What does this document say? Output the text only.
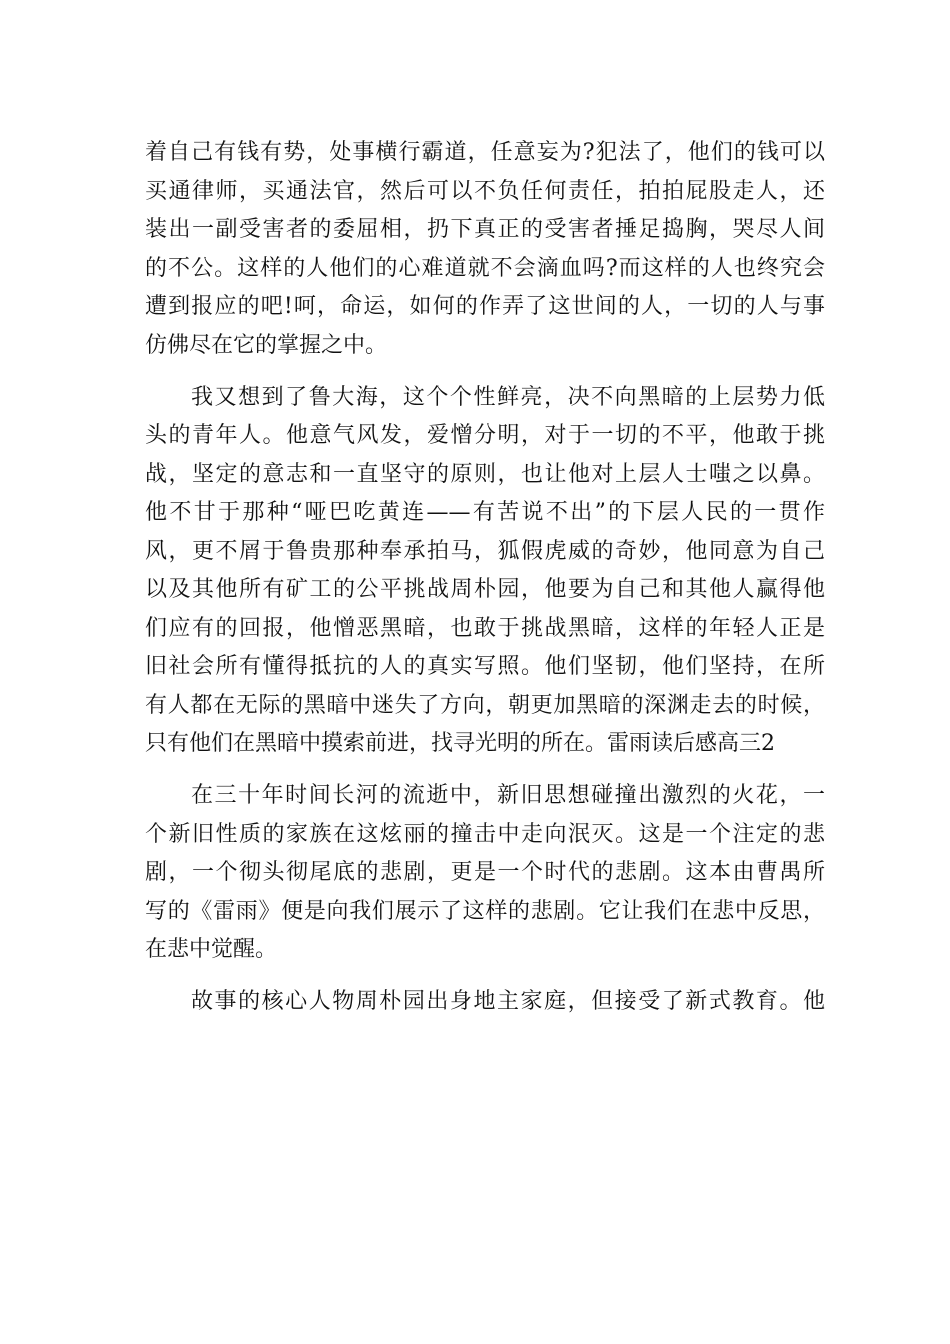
着自己有钱有势，处事横行霸道，任意妄为?犯法了，他们的钱可以
买通律师，买通法官，然后可以不负任何责任，拍拍屁股走人，还
装出一副受害者的委屈相，扔下真正的受害者捶足捣胸，哭尽人间
的不公。这样的人他们的心难道就不会滴血吗?而这样的人也终究会
遭到报应的吧!呵，命运，如何的作弄了这世间的人，一切的人与事
仿佛尽在它的掌握之中。
我又想到了鲁大海，这个个性鲜亮，决不向黑暗的上层势力低
头的青年人。他意气风发，爱憎分明，对于一切的不平，他敢于挑
战，坚定的意志和一直坚守的原则，也让他对上层人士嗤之以鼻。
他不甘于那种“哑巴吃黄连——有苦说不出”的下层人民的一贯作
风，更不屑于鲁贵那种奉承拍马，狐假虎威的奇妙，他同意为自己
以及其他所有矿工的公平挑战周朴园，他要为自己和其他人赢得他
们应有的回报，他憎恶黑暗，也敢于挑战黑暗，这样的年轻人正是
旧社会所有懂得抵抗的人的真实写照。他们坚韧，他们坚持，在所
有人都在无际的黑暗中迷失了方向，朝更加黑暗的深渊走去的时候，
只有他们在黑暗中摸索前进，找寻光明的所在。雷雨读后感高三2
在三十年时间长河的流逝中，新旧思想碰撞出激烈的火花，一
个新旧性质的家族在这炫丽的撞击中走向泯灭。这是一个注定的悲
剧，一个彻头彻尾底的悲剧，更是一个时代的悲剧。这本由曹禺所
写的《雷雨》便是向我们展示了这样的悲剧。它让我们在悲中反思，
在悲中觉醒。
故事的核心人物周朴园出身地主家庭，但接受了新式教育。他
